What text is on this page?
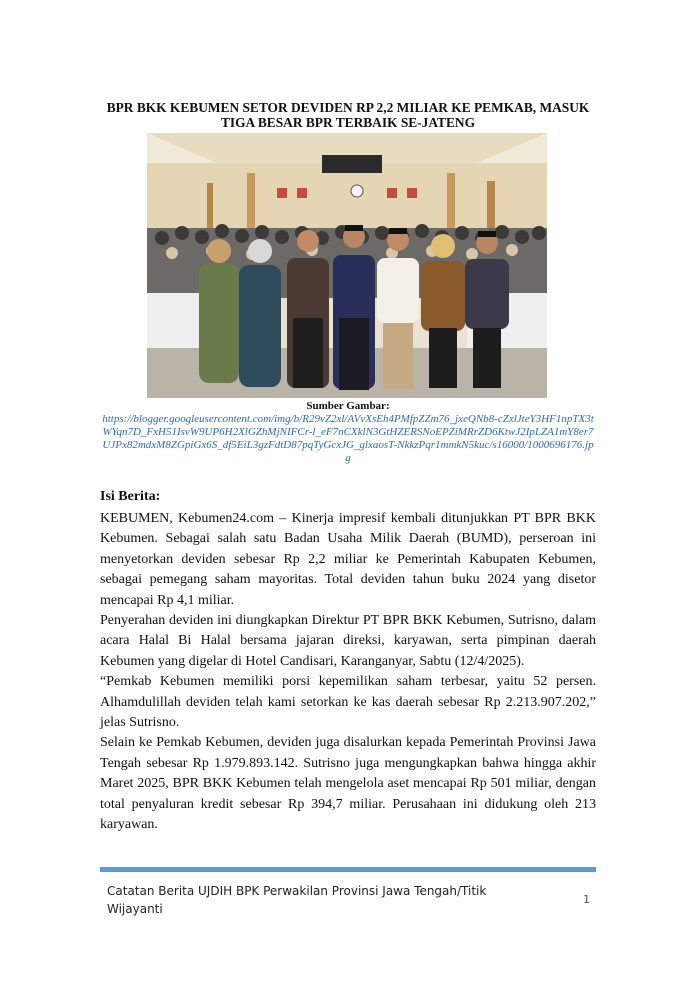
BPR BKK KEBUMEN SETOR DEVIDEN RP 2,2 MILIAR KE PEMKAB, MASUK TIGA BESAR BPR TERBAIK SE-JATENG
Sumber Gambar:
https://blogger.googleusercontent.com/img/b/R29vZ2xl/AVvXsEh4PMfpZZm76_jxeQNb8-cZxlJteY3HF1npTX3tWYqn7D_FxH51IsvW9UP6H2XlGZhMjNIFCr-l_eF7nCXklN3GtHZERSNoEPZiMRrZD6KtwJ2IpLZA1mY8er7UJPx82mdxM8ZGpiGx6S_df5EiL3gzFdtD87pqTyGcxJG_glxaosT-NkkzPqr1mmkN5kuc/s16000/1000696176.jpg
Isi Berita:

KEBUMEN, Kebumen24.com – Kinerja impresif kembali ditunjukkan PT BPR BKK Kebumen. Sebagai salah satu Badan Usaha Milik Daerah (BUMD), perseroan ini menyetorkan deviden sebesar Rp 2,2 miliar ke Pemerintah Kabupaten Kebumen, sebagai pemegang saham mayoritas. Total deviden tahun buku 2024 yang disetor mencapai Rp 4,1 miliar.

Penyerahan deviden ini diungkapkan Direktur PT BPR BKK Kebumen, Sutrisno, dalam acara Halal Bi Halal bersama jajaran direksi, karyawan, serta pimpinan daerah Kebumen yang digelar di Hotel Candisari, Karanganyar, Sabtu (12/4/2025).

“Pemkab Kebumen memiliki porsi kepemilikan saham terbesar, yaitu 52 persen. Alhamdulillah deviden telah kami setorkan ke kas daerah sebesar Rp 2.213.907.202,” jelas Sutrisno.

Selain ke Pemkab Kebumen, deviden juga disalurkan kepada Pemerintah Provinsi Jawa Tengah sebesar Rp 1.979.893.142. Sutrisno juga mengungkapkan bahwa hingga akhir Maret 2025, BPR BKK Kebumen telah mengelola aset mencapai Rp 501 miliar, dengan total penyaluran kredit sebesar Rp 394,7 miliar. Perusahaan ini didukung oleh 213 karyawan.

Catatan Berita UJDIH BPK Perwakilan Provinsi Jawa Tengah/Titik Wijayanti
1
